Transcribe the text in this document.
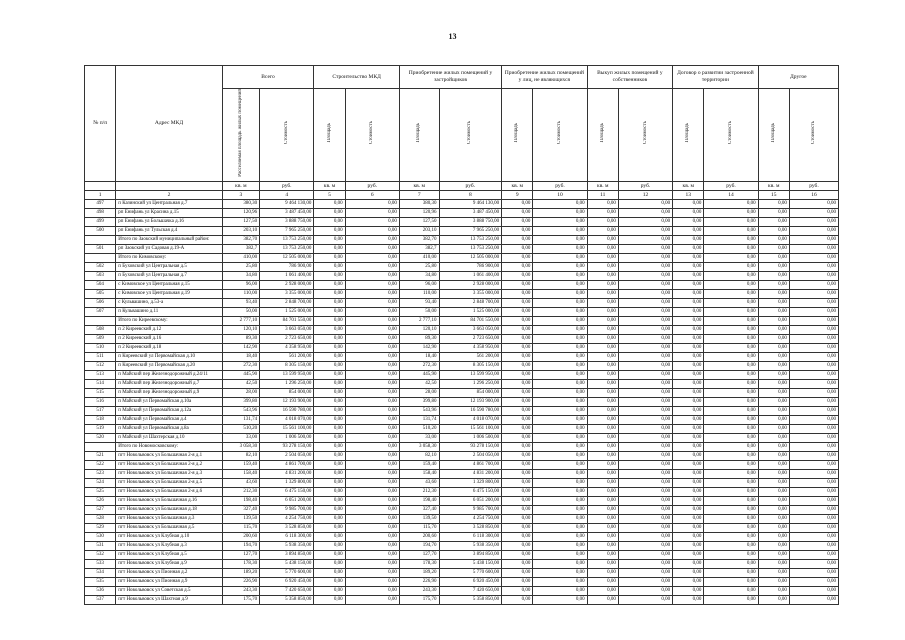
13
№ п/п	Адрес МКД	Всего		Строительство МКД		Приобретение жилых помещений у застройщиков		Приобретение жилых помещений у лиц, не являющихся		Выкуп жилых помещений у собственников		Договор о развитии застроенной территории		Другое	
		Расселяемая площадь жилых помещений	Стоимость	Площадь	Стоимость	Площадь	Стоимость	Площадь	Стоимость	Площадь	Стоимость	Площадь	Стоимость	Площадь	Стоимость
		кв. м	руб.	кв. м	руб.	кв. м	руб.	кв. м	руб.	кв. м	руб.	кв. м	руб.	кв. м	руб.
1	2	3	4	5	6	7	8	9	10	11	12	13	14	15	16
497	п Казинский ул Центральная д.7	380,30	9 464 130,00	0,00	0,00	380,30	9 464 130,00	0,00	0,00	0,00	0,00	0,00	0,00	0,00	0,00
498	рп Енифань ул Красина д.15	120,96	3 487 450,00	0,00	0,00	120,96	3 487 450,00	0,00	0,00	0,00	0,00	0,00	0,00	0,00	0,00
499	рп Енифань ул Большачка д.16	127,50	3 888 750,00	0,00	0,00	127,50	3 888 750,00	0,00	0,00	0,00	0,00	0,00	0,00	0,00	0,00
500	рп Енифань ул Тульская д.4	203,10	7 965 250,00	0,00	0,00	203,10	7 965 250,00	0,00	0,00	0,00	0,00	0,00	0,00	0,00	0,00
	Итого по Заокский муниципальный район:	382,70	13 753 250,00	0,00	0,00	382,70	13 753 250,00	0,00	0,00	0,00	0,00	0,00	0,00	0,00	0,00
501	рп Заокский ул Садовая д.19-А	382,7	13 753 250,00	0,00	0,00	382,7	13 753 250,00	0,00	0,00	0,00	0,00	0,00	0,00	0,00	0,00
	Итого по Кимовскому:	410,00	12 505 000,00	0,00	0,00	410,00	12 505 000,00	0,00	0,00	0,00	0,00	0,00	0,00	0,00	0,00
502	п Буховский ул Центральная д.5	25,80	786 900,00	0,00	0,00	25,80	786 900,00	0,00	0,00	0,00	0,00	0,00	0,00	0,00	0,00
503	п Буховский ул Центральная д.7	34,80	1 061 400,00	0,00	0,00	34,80	1 061 400,00	0,00	0,00	0,00	0,00	0,00	0,00	0,00	0,00
504	с Кимовское ул Центральная д.15	96,00	2 928 000,00	0,00	0,00	96,00	2 928 000,00	0,00	0,00	0,00	0,00	0,00	0,00	0,00	0,00
505	с Кимовское ул Центральная д.19	110,00	3 355 000,00	0,00	0,00	110,00	3 355 000,00	0,00	0,00	0,00	0,00	0,00	0,00	0,00	0,00
506	с Кульвашино, д.53-а	93,40	2 848 700,00	0,00	0,00	93,40	2 848 700,00	0,00	0,00	0,00	0,00	0,00	0,00	0,00	0,00
507	п Кульвашино д.11	50,00	1 525 000,00	0,00	0,00	50,00	1 525 000,00	0,00	0,00	0,00	0,00	0,00	0,00	0,00	0,00
	Итого по Киреевскому:	2 777,10	84 701 550,00	0,00	0,00	2 777,10	84 701 550,00	0,00	0,00	0,00	0,00	0,00	0,00	0,00	0,00
508	п 2 Киреевский д.12	120,10	3 663 050,00	0,00	0,00	120,10	3 663 050,00	0,00	0,00	0,00	0,00	0,00	0,00	0,00	0,00
509	п 2 Киреевский д.16	89,30	2 723 650,00	0,00	0,00	89,30	2 723 650,00	0,00	0,00	0,00	0,00	0,00	0,00	0,00	0,00
510	п 2 Киреевский д.18	142,90	4 358 950,00	0,00	0,00	142,90	4 358 950,00	0,00	0,00	0,00	0,00	0,00	0,00	0,00	0,00
511	п Киреевский ул Первомайская д.10	18,40	561 200,00	0,00	0,00	18,40	561 200,00	0,00	0,00	0,00	0,00	0,00	0,00	0,00	0,00
512	п Киреевский ул Первомайская д.20	272,30	8 305 150,00	0,00	0,00	272,30	8 305 150,00	0,00	0,00	0,00	0,00	0,00	0,00	0,00	0,00
513	п Майский пер Железнодорожный д.24/11	445,90	13 599 950,00	0,00	0,00	445,90	13 599 950,00	0,00	0,00	0,00	0,00	0,00	0,00	0,00	0,00
514	п Майский пер Железнодорожный д.7	42,50	1 296 250,00	0,00	0,00	42,50	1 296 250,00	0,00	0,00	0,00	0,00	0,00	0,00	0,00	0,00
515	п Майский пер Железнодорожный д.9	28,00	854 000,00	0,00	0,00	28,00	854 000,00	0,00	0,00	0,00	0,00	0,00	0,00	0,00	0,00
516	п Майский ул Первомайская д.10а	399,80	12 193 900,00	0,00	0,00	399,80	12 193 900,00	0,00	0,00	0,00	0,00	0,00	0,00	0,00	0,00
517	п Майский ул Первомайская д.12а	543,96	16 590 780,00	0,00	0,00	543,96	16 590 780,00	0,00	0,00	0,00	0,00	0,00	0,00	0,00	0,00
518	п Майский ул Первомайская д.4	131,74	4 018 070,00	0,00	0,00	131,74	4 018 070,00	0,00	0,00	0,00	0,00	0,00	0,00	0,00	0,00
519	п Майский ул Первомайская д.8а	510,20	15 561 100,00	0,00	0,00	510,20	15 561 100,00	0,00	0,00	0,00	0,00	0,00	0,00	0,00	0,00
520	п Майский ул Шахтерская д.10	33,00	1 006 500,00	0,00	0,00	33,00	1 006 500,00	0,00	0,00	0,00	0,00	0,00	0,00	0,00	0,00
	Итого по Новомосковскому:	3 058,30	93 278 150,00	0,00	0,00	3 058,30	93 278 150,00	0,00	0,00	0,00	0,00	0,00	0,00	0,00	0,00
521	пгт Новольвовск ул Большачная 2-я д.1	82,10	2 504 050,00	0,00	0,00	82,10	2 504 050,00	0,00	0,00	0,00	0,00	0,00	0,00	0,00	0,00
522	пгт Новольвовск ул Большачная 2-я д.2	159,40	4 861 700,00	0,00	0,00	159,40	4 861 700,00	0,00	0,00	0,00	0,00	0,00	0,00	0,00	0,00
523	пгт Новольвовск ул Большачная 2-я д.3	158,40	4 831 200,00	0,00	0,00	158,40	4 831 200,00	0,00	0,00	0,00	0,00	0,00	0,00	0,00	0,00
524	пгт Новольвовск ул Большачная 2-я д.5	43,60	1 329 800,00	0,00	0,00	43,60	1 329 800,00	0,00	0,00	0,00	0,00	0,00	0,00	0,00	0,00
525	пгт Новольвовск ул Большачная 2-я д.6	212,30	6 475 150,00	0,00	0,00	212,30	6 475 150,00	0,00	0,00	0,00	0,00	0,00	0,00	0,00	0,00
526	пгт Новольвовск ул Большачная д.16	198,40	6 051 200,00	0,00	0,00	198,40	6 051 200,00	0,00	0,00	0,00	0,00	0,00	0,00	0,00	0,00
527	пгт Новольвовск ул Большачная д.18	327,40	9 985 700,00	0,00	0,00	327,40	9 985 700,00	0,00	0,00	0,00	0,00	0,00	0,00	0,00	0,00
528	пгт Новольвовск ул Большачная д.3	139,50	4 254 750,00	0,00	0,00	139,50	4 254 750,00	0,00	0,00	0,00	0,00	0,00	0,00	0,00	0,00
529	пгт Новольвовск ул Большачная д.5	115,70	3 528 850,00	0,00	0,00	115,70	3 528 850,00	0,00	0,00	0,00	0,00	0,00	0,00	0,00	0,00
530	пгт Новольвовск ул Клубная д.10	200,60	6 118 300,00	0,00	0,00	200,60	6 118 300,00	0,00	0,00	0,00	0,00	0,00	0,00	0,00	0,00
531	пгт Новольвовск ул Клубная д.3	194,70	5 938 350,00	0,00	0,00	194,70	5 938 350,00	0,00	0,00	0,00	0,00	0,00	0,00	0,00	0,00
532	пгт Новольвовск ул Клубная д.5	127,70	3 894 850,00	0,00	0,00	127,70	3 894 850,00	0,00	0,00	0,00	0,00	0,00	0,00	0,00	0,00
533	пгт Новольвовск ул Клубная д.9	178,30	5 438 150,00	0,00	0,00	178,30	5 438 150,00	0,00	0,00	0,00	0,00	0,00	0,00	0,00	0,00
534	пгт Новольвовск ул Пионная д.2	189,20	5 770 600,00	0,00	0,00	189,20	5 770 600,00	0,00	0,00	0,00	0,00	0,00	0,00	0,00	0,00
535	пгт Новольвовск ул Пионная д.9	226,90	6 920 450,00	0,00	0,00	226,90	6 920 450,00	0,00	0,00	0,00	0,00	0,00	0,00	0,00	0,00
536	пгт Новольвовск ул Советская д.5	243,30	7 420 650,00	0,00	0,00	243,30	7 420 650,00	0,00	0,00	0,00	0,00	0,00	0,00	0,00	0,00
537	пгт Новольвовск ул Шахтная д.9	175,70	5 358 850,00	0,00	0,00	175,70	5 358 850,00	0,00	0,00	0,00	0,00	0,00	0,00	0,00	0,00
